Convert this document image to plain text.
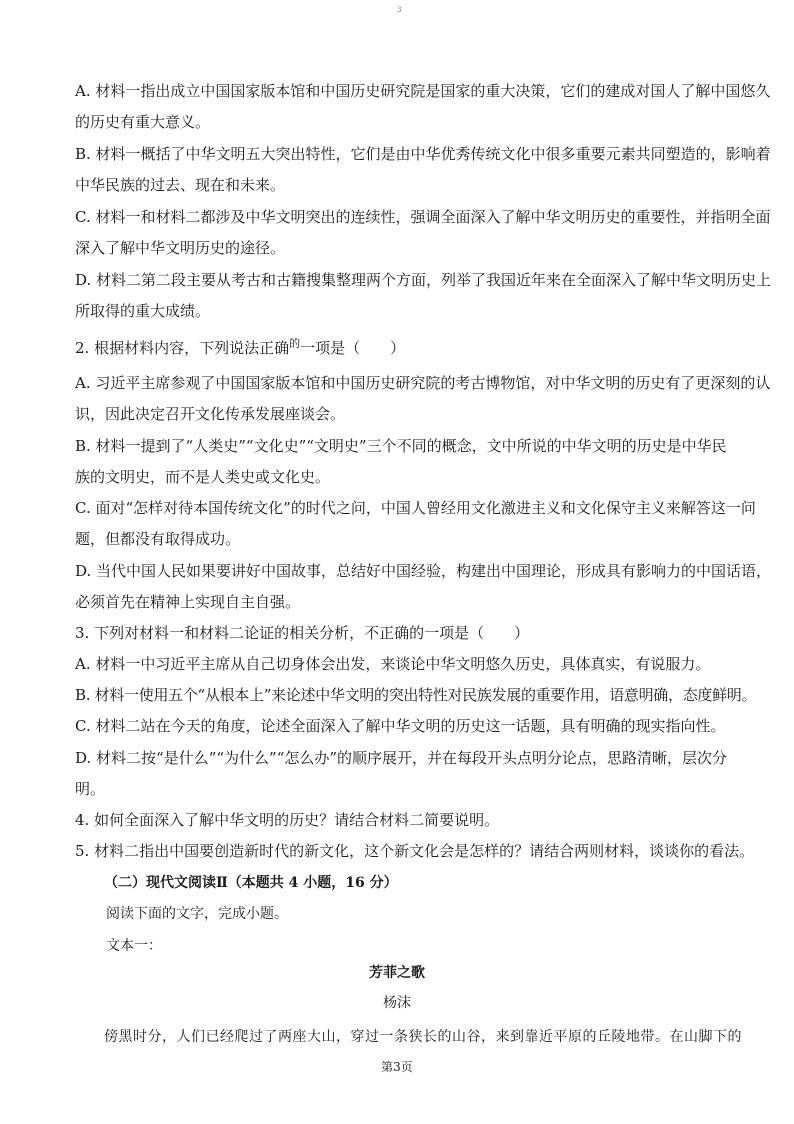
3
A. 材料一指出成立中国国家版本馆和中国历史研究院是国家的重大决策，它们的建成对国人了解中国悠久
的历史有重大意义。
B. 材料一概括了中华文明五大突出特性，它们是由中华优秀传统文化中很多重要元素共同塑造的，影响着
中华民族的过去、现在和未来。
C. 材料一和材料二都涉及中华文明突出的连续性，强调全面深入了解中华文明历史的重要性，并指明全面
深入了解中华文明历史的途径。
D. 材料二第二段主要从考古和古籍搜集整理两个方面，列举了我国近年来在全面深入了解中华文明历史上
所取得的重大成绩。
2. 根据材料内容，下列说法正确$^的$一项是（　　）
A. 习近平主席参观了中国国家版本馆和中国历史研究院的考古博物馆，对中华文明的历史有了更深刻的认
识，因此决定召开文化传承发展座谈会。
B. 材料一提到了“人类史”“文化史”“文明史”三个不同的概念，文中所说的中华文明的历史是中华民
族的文明史，而不是人类史或文化史。
C. 面对“怎样对待本国传统文化”的时代之问，中国人曾经用文化激进主义和文化保守主义来解答这一问
题，但都没有取得成功。
D. 当代中国人民如果要讲好中国故事，总结好中国经验，构建出中国理论，形成具有影响力的中国话语，
必须首先在精神上实现自主自强。
3. 下列对材料一和材料二论证的相关分析，不正确的一项是（　　）
A. 材料一中习近平主席从自己切身体会出发，来谈论中华文明悠久历史，具体真实，有说服力。
B. 材料一使用五个“从根本上”来论述中华文明的突出特性对民族发展的重要作用，语意明确，态度鲜明。
C. 材料二站在今天的角度，论述全面深入了解中华文明的历史这一话题，具有明确的现实指向性。
D. 材料二按“是什么”“为什么”“怎么办”的顺序展开，并在每段开头点明分论点，思路清晰，层次分
明。
4. 如何全面深入了解中华文明的历史？请结合材料二简要说明。
5. 材料二指出中国要创造新时代的新文化，这个新文化会是怎样的？请结合两则材料，谈谈你的看法。
（二）现代文阅读Ⅱ（本题共 4 小题，16 分）
阅读下面的文字，完成小题。
文本一：
芳菲之歌
杨沫
傍黑时分，人们已经爬过了两座大山，穿过一条狭长的山谷，来到靠近平原的丘陵地带。在山脚下的
第3页
